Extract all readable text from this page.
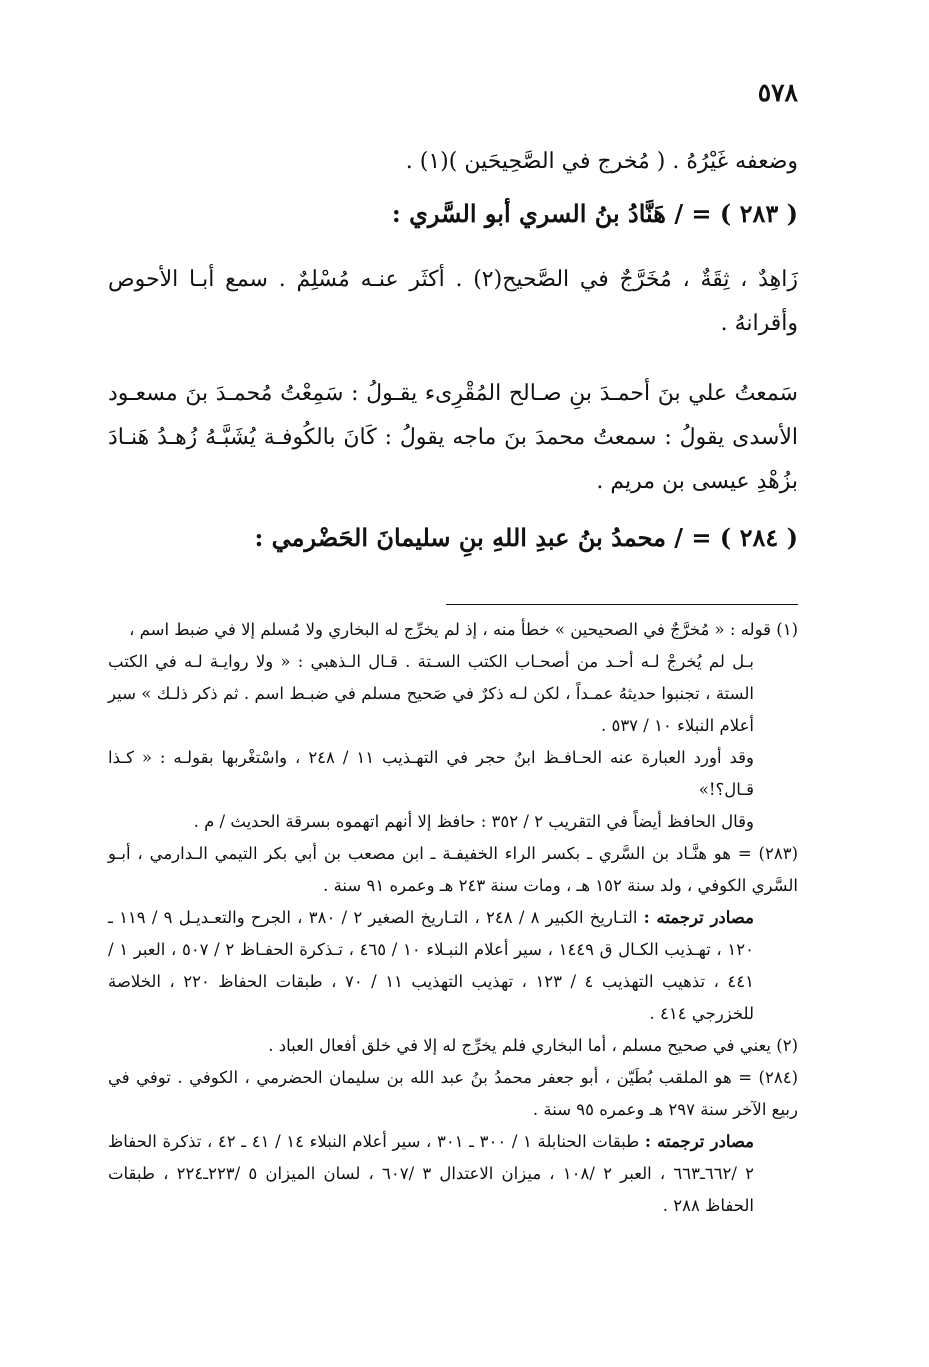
٥٧٨

وضعفه غَيْرُهُ . ( مُخرج في الصَّحِيحَين )(١) .

( ٢٨٣ ) = / هَنَّادُ بنُ السري أبو السَّري :

زَاهِدٌ ، ثِقَةٌ ، مُخَرَّجٌ في الصَّحيح(٢) . أكثَر عنـه مُسْلِمٌ . سمع أبـا الأحوص وأقرانهُ .

سَمعتُ علي بنَ أحمـدَ بنِ صـالح المُقْرِىء يقـولُ : سَمِعْتُ مُحمـدَ بنَ مسعـود الأسدى يقولُ : سمعتُ محمدَ بنَ ماجه يقولُ : كَانَ بالكُوفـة يُشَبَّـهُ زُهـدُ هَنـادَ بزُهْدِ عيسى بن مريم .

( ٢٨٤ ) = / محمدُ بنُ عبدِ اللهِ بنِ سليمانَ الحَضْرمي :

(١) قوله : « مُخرَّجٌ في الصحيحين » خطأ منه ، إذ لم يخرِّج له البخاري ولا مُسلم إلا في ضبط اسم ،

بـل لم يُخرجْ لـه أحـد من أصحـاب الكتب السـتة . قـال الـذهبي : « ولا روايـة لـه في الكتب الستة ، تجنبوا حديثهُ عمـداً ، لكن لـه ذكرٌ في صَحيح مسلم في ضبـط اسم . ثم ذكر ذلـك » سير أعلام النبلاء ١٠ / ٥٣٧ .

وقد أورد العبارة عنه الحـافـظ ابنُ حجر في التهـذيب ١١ / ٢٤٨ ، واسْتغْربها بقولـه : « كـذا قـال؟!»

وقال الحافظ أيضاً في التقريب ٢ / ٣٥٢ : حافظ إلا أنهم اتهموه بسرقة الحديث / م .

(٢٨٣) = هو هنَّـاد بن السَّري ـ بكسر الراء الخفيفـة ـ ابن مصعب بن أبي بكر التيمي الـدارمي ، أبـو السَّري الكوفي ، ولد سنة ١٥٢ هـ ، ومات سنة ٢٤٣ هـ وعمره ٩١ سنة .

مصادر ترجمته : التـاريخ الكبير ٨ / ٢٤٨ ، التـاريخ الصغير ٢ / ٣٨٠ ، الجرح والتعـديـل ٩ / ١١٩ ـ ١٢٠ ، تهـذيب الكـال ق ١٤٤٩ ، سير أعلام النبـلاء ١٠ / ٤٦٥ ، تـذكرة الحفـاظ ٢ / ٥٠٧ ، العبر ١ / ٤٤١ ، تذهيب التهذيب ٤ / ١٢٣ ، تهذيب التهذيب ١١ / ٧٠ ، طبقات الحفاظ ٢٢٠ ، الخلاصة للخزرجي ٤١٤ .

(٢) يعني في صحيح مسلم ، أما البخاري فلم يخرِّج له إلا في خلق أفعال العباد .

(٢٨٤) = هو الملقب بُطَيّن ، أبو جعفر محمدُ بنُ عبد الله بن سليمان الحضرمي ، الكوفي . توفي في ربيع الآخر سنة ٢٩٧ هـ وعمره ٩٥ سنة .

مصادر ترجمته : طبقات الحنابلة ١ / ٣٠٠ ـ ٣٠١ ، سير أعلام النبلاء ١٤ / ٤١ ـ ٤٢ ، تذكرة الحفاظ ٢ /٦٦٢ـ٦٦٣ ، العبر ٢ /١٠٨ ، ميزان الاعتدال ٣ /٦٠٧ ، لسان الميزان ٥ /٢٢٣ـ٢٢٤ ، طبقات الحفاظ ٢٨٨ .
